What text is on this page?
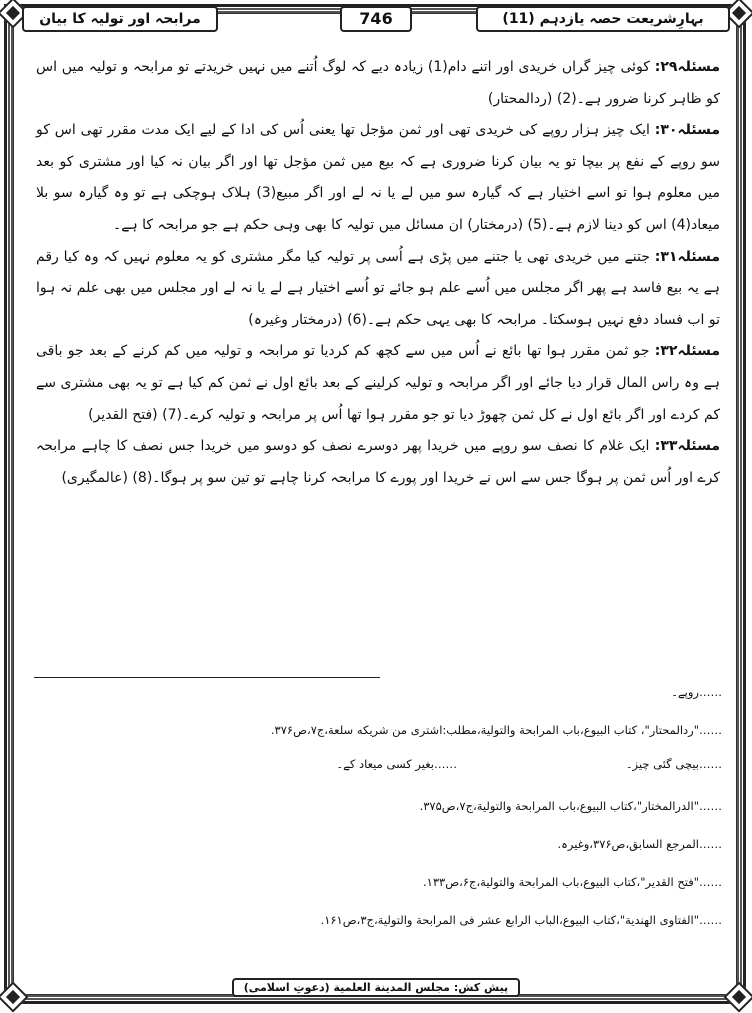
بہارِشریعت حصہ یازدہم (11)
746
مرابحہ اور تولیہ کا بیان

مسئلہ۲۹: کوئی چیز گراں خریدی اور اتنے دام(1) زیادہ دیے کہ لوگ اُتنے میں نہیں خریدتے تو مرابحہ و تولیہ میں اس کو ظاہر کرنا ضرور ہے۔(2) (ردالمحتار)

مسئلہ۳۰: ایک چیز ہزار روپے کی خریدی تھی اور ثمن مؤجل تھا یعنی اُس کی ادا کے لیے ایک مدت مقرر تھی اس کو سو روپے کے نفع پر بیچا تو یہ بیان کرنا ضروری ہے کہ بیع میں ثمن مؤجل تھا اور اگر بیان نہ کیا اور مشتری کو بعد میں معلوم ہوا تو اسے اختیار ہے کہ گیارہ سو میں لے یا نہ لے اور اگر مبیع(3) ہلاک ہوچکی ہے تو وہ گیارہ سو بلا میعاد(4) اس کو دینا لازم ہے۔(5) (درمختار) ان مسائل میں تولیہ کا بھی وہی حکم ہے جو مرابحہ کا ہے۔

مسئلہ۳۱: جتنے میں خریدی تھی یا جتنے میں پڑی ہے اُسی پر تولیہ کیا مگر مشتری کو یہ معلوم نہیں کہ وہ کیا رقم ہے یہ بیع فاسد ہے پھر اگر مجلس میں اُسے علم ہو جائے تو اُسے اختیار ہے لے یا نہ لے اور مجلس میں بھی علم نہ ہوا تو اب فساد دفع نہیں ہوسکتا۔ مرابحہ کا بھی یہی حکم ہے۔(6) (درمختار وغیرہ)

مسئلہ۳۲: جو ثمن مقرر ہوا تھا بائع نے اُس میں سے کچھ کم کردیا تو مرابحہ و تولیہ میں کم کرنے کے بعد جو باقی ہے وہ راس المال قرار دیا جائے اور اگر مرابحہ و تولیہ کرلینے کے بعد بائع اول نے ثمن کم کیا ہے تو یہ بھی مشتری سے کم کردے اور اگر بائع اول نے کل ثمن چھوڑ دیا تو جو مقرر ہوا تھا اُس پر مرابحہ و تولیہ کرے۔(7) (فتح القدیر)

مسئلہ۳۳: ایک غلام کا نصف سو روپے میں خریدا پھر دوسرے نصف کو دوسو میں خریدا جس نصف کا چاہے مرابحہ کرے اور اُس ثمن پر ہوگا جس سے اس نے خریدا اور پورے کا مرابحہ کرنا چاہے تو تین سو پر ہوگا۔(8) (عالمگیری)

……روپے۔
……"ردالمحتار"، کتاب البیوع،باب المرابحة والتولیة،مطلب:اشتری من شریکه سلعة،ج۷،ص۳۷۶.
……بیچی گئی چیز۔
……بغیر کسی میعاد کے۔
……"الدرالمختار"،کتاب البیوع،باب المرابحة والتولیة،ج۷،ص۳۷۵.
……المرجع السابق،ص۳۷۶،وغیرہ.
……"فتح القدیر"،کتاب البیوع،باب المرابحة والتولیة،ج۶،ص۱۳۳.
……"الفتاوی الهندیة"،کتاب البیوع،الباب الرابع عشر فی المرابحة والتولیة،ج۳،ص۱۶۱.
پیش کش: مجلس المدینة العلمیة (دعوتِ اسلامی)
